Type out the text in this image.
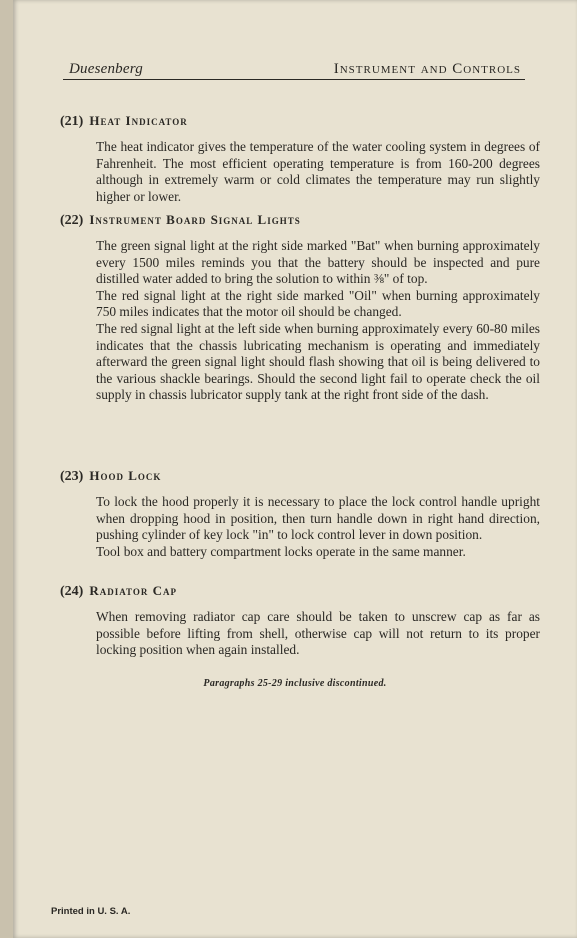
Duesenberg	Instrument and Controls
(21) Heat Indicator

The heat indicator gives the temperature of the water cooling system in degrees of Fahrenheit. The most efficient operating temperature is from 160-200 degrees although in extremely warm or cold climates the temperature may run slightly higher or lower.

(22) Instrument Board Signal Lights

The green signal light at the right side marked "Bat" when burning approximately every 1500 miles reminds you that the battery should be inspected and pure distilled water added to bring the solution to within ⅜" of top.

The red signal light at the right side marked "Oil" when burning approximately 750 miles indicates that the motor oil should be changed.

The red signal light at the left side when burning approximately every 60-80 miles indicates that the chassis lubricating mechanism is operating and immediately afterward the green signal light should flash showing that oil is being delivered to the various shackle bearings. Should the second light fail to operate check the oil supply in chassis lubricator supply tank at the right front side of the dash.

(23) Hood Lock

To lock the hood properly it is necessary to place the lock control handle upright when dropping hood in position, then turn handle down in right hand direction, pushing cylinder of key lock "in" to lock control lever in down position.

Tool box and battery compartment locks operate in the same manner.

(24) Radiator Cap

When removing radiator cap care should be taken to unscrew cap as far as possible before lifting from shell, otherwise cap will not return to its proper locking position when again installed.

Paragraphs 25-29 inclusive discontinued.
Printed in U. S. A.
